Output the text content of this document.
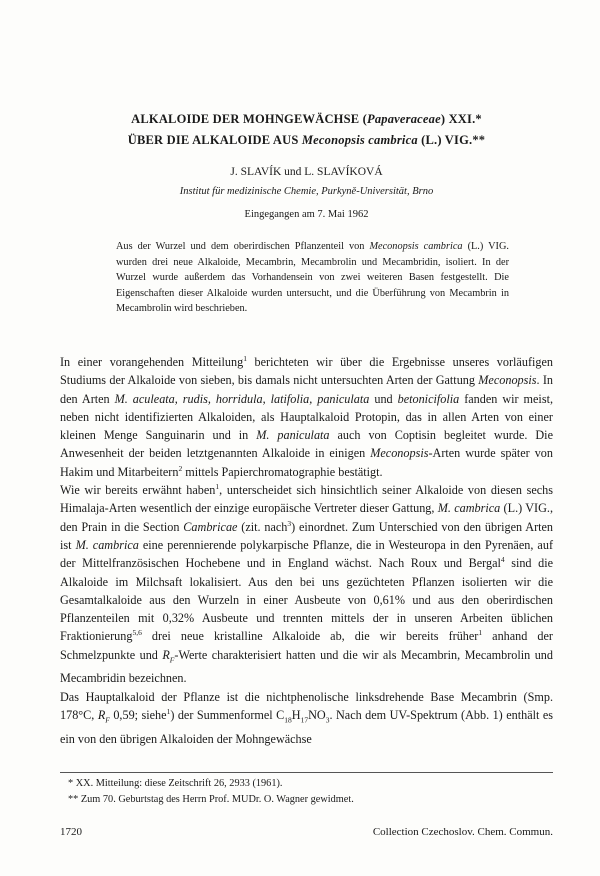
ALKALOIDE DER MOHNGEWÄCHSE (Papaveraceae) XXI.*
ÜBER DIE ALKALOIDE AUS Meconopsis cambrica (L.) VIG.**
J. SLAVÍK und L. SLAVÍKOVÁ
Institut für medizinische Chemie, Purkyně-Universität, Brno
Eingegangen am 7. Mai 1962

Aus der Wurzel und dem oberirdischen Pflanzenteil von Meconopsis cambrica (L.) VIG. wurden drei neue Alkaloide, Mecambrin, Mecambrolin und Mecambridin, isoliert. In der Wurzel wurde außerdem das Vorhandensein von zwei weiteren Basen festgestellt. Die Eigenschaften dieser Alkaloide wurden untersucht, und die Überführung von Mecambrin in Mecambrolin wird beschrieben.

In einer vorangehenden Mitteilung$^1$ berichteten wir über die Ergebnisse unseres vorläufigen Studiums der Alkaloide von sieben, bis damals nicht untersuchten Arten der Gattung Meconopsis. In den Arten M. aculeata, rudis, horridula, latifolia, paniculata und betonicifolia fanden wir meist, neben nicht identifizierten Alkaloiden, als Hauptalkaloid Protopin, das in allen Arten von einer kleinen Menge Sanguinarin und in M. paniculata auch von Coptisin begleitet wurde. Die Anwesenheit der beiden letztgenannten Alkaloide in einigen Meconopsis-Arten wurde später von Hakim und Mitarbeitern$^2$ mittels Papierchromatographie bestätigt.

Wie wir bereits erwähnt haben$^1$, unterscheidet sich hinsichtlich seiner Alkaloide von diesen sechs Himalaja-Arten wesentlich der einzige europäische Vertreter dieser Gattung, M. cambrica (L.) VIG., den Prain in die Section Cambricae (zit. nach$^3$) einordnet. Zum Unterschied von den übrigen Arten ist M. cambrica eine perennierende polykarpische Pflanze, die in Westeuropa in den Pyrenäen, auf der Mittelfranzösischen Hochebene und in England wächst. Nach Roux und Bergal$^4$ sind die Alkaloide im Milchsaft lokalisiert. Aus den bei uns gezüchteten Pflanzen isolierten wir die Gesamtalkaloide aus den Wurzeln in einer Ausbeute von 0,61% und aus den oberirdischen Pflanzenteilen mit 0,32% Ausbeute und trennten mittels der in unseren Arbeiten üblichen Fraktionierung$^{5,6}$ drei neue kristalline Alkaloide ab, die wir bereits früher$^1$ anhand der Schmelzpunkte und $R_F$-Werte charakterisiert hatten und die wir als Mecambrin, Mecambrolin und Mecambridin bezeichnen.

Das Hauptalkaloid der Pflanze ist die nichtphenolische linksdrehende Base Mecambrin (Smp. 178°C, $R_F$ 0,59; siehe$^1$) der Summenformel $C_{18}H_{17}NO_3$. Nach dem UV-Spektrum (Abb. 1) enthält es ein von den übrigen Alkaloiden der Mohngewächse

* XX. Mitteilung: diese Zeitschrift 26, 2933 (1961).
** Zum 70. Geburtstag des Herrn Prof. MUDr. O. Wagner gewidmet.
1720	Collection Czechoslov. Chem. Commun.
